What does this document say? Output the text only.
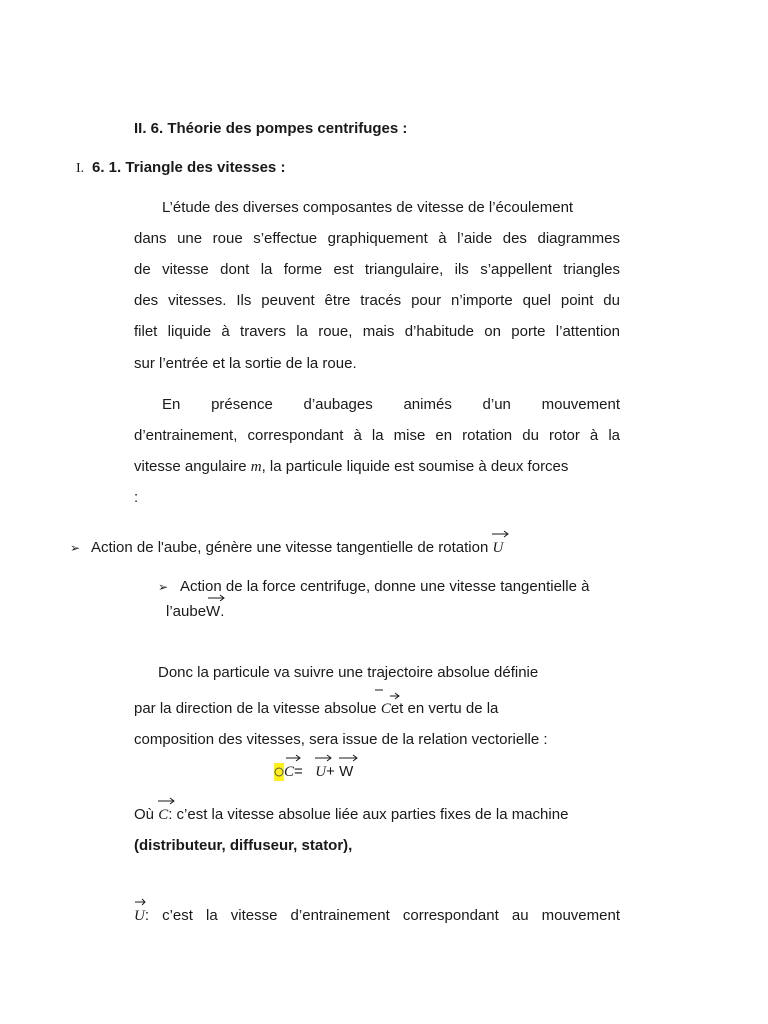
II. 6. Théorie des pompes centrifuges :
I. 6. 1. Triangle des vitesses :
L’étude des diverses composantes de vitesse de l’écoulement
dans une roue s’effectue graphiquement à l’aide des diagrammes
de vitesse dont la forme est triangulaire, ils s’appellent triangles
des vitesses. Ils peuvent être tracés pour n’importe quel point du
filet liquide à travers la roue, mais d’habitude on porte l’attention
sur l’entrée et la sortie de la roue.
En présence d’aubages animés d’un mouvement
d’entrainement, correspondant à la mise en rotation du rotor à la
vitesse angulaire m, la particule liquide est soumise à deux forces
:
➢ Action de l'aube, génère une vitesse tangentielle de rotation U
➢ Action de la force centrifuge, donne une vitesse tangentielle à
l’aubeW
.
Donc la particule va suivre une trajectoire absolue définie
par la direction de la vitesse absolue C
et en vertu de la
composition des vitesses, sera issue de la relation vectorielle :
C
=   U
+ W
Où C
: c’est la vitesse absolue liée aux parties fixes de la machine
(distributeur, diffuseur, stator),
U
: c’est la vitesse d’entrainement correspondant au mouvement
